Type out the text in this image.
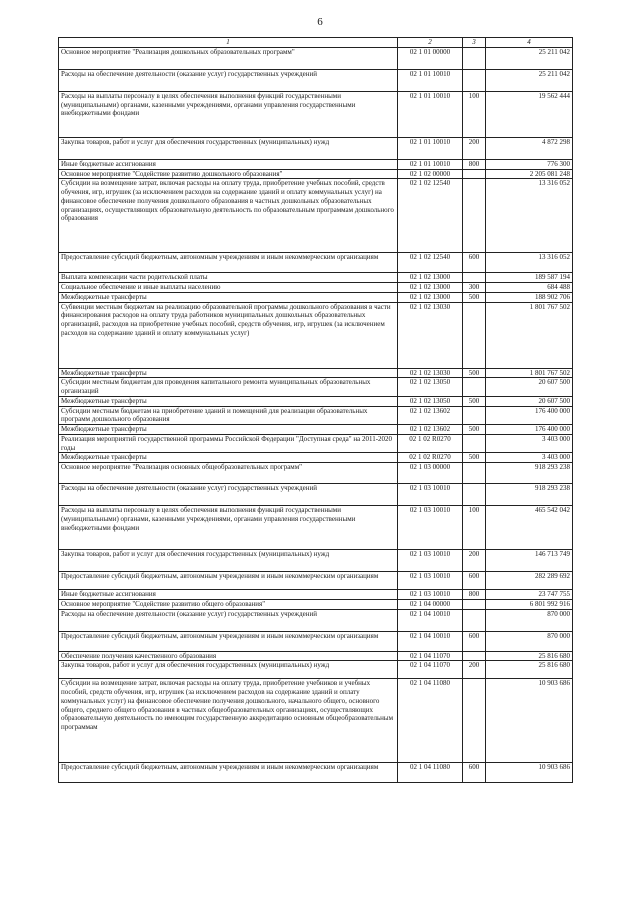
6
1	2	3	4
Основное мероприятие "Реализация дошкольных образовательных программ"	02 1 01 00000		25 211 042
Расходы на обеспечение деятельности (оказание услуг) государственных учреждений	02 1 01 10010		25 211 042
Расходы на выплаты персоналу в целях обеспечения выполнения функций государственными (муниципальными) органами, казенными учреждениями, органами управления государственными внебюджетными фондами	02 1 01 10010	100	19 562 444
Закупка товаров, работ и услуг для обеспечения государственных (муниципальных) нужд	02 1 01 10010	200	4 872 298
Иные бюджетные ассигнования	02 1 01 10010	800	776 300
Основное мероприятие "Содействие развитию дошкольного образования"	02 1 02 00000		2 205 081 248
Субсидии на возмещение затрат, включая расходы на оплату труда, приобретение учебных пособий, средств обучения, игр, игрушек (за исключением расходов на содержание зданий и оплату коммунальных услуг) на финансовое обеспечение получения дошкольного образования в частных дошкольных образовательных организациях, осуществляющих образовательную деятельность по образовательным программам дошкольного образования	02 1 02 12540		13 316 052
Предоставление субсидий бюджетным, автономным учреждениям и иным некоммерческим организациям	02 1 02 12540	600	13 316 052
Выплата компенсации части родительской платы	02 1 02 13000		189 587 194
Социальное обеспечение и иные выплаты населению	02 1 02 13000	300	684 488
Межбюджетные трансферты	02 1 02 13000	500	188 902 706
Субвенции местным бюджетам на реализацию образовательной программы дошкольного образования в части финансирования расходов на оплату труда работников муниципальных дошкольных образовательных организаций, расходов на приобретение учебных пособий, средств обучения, игр, игрушек (за исключением расходов на содержание зданий и оплату коммунальных услуг)	02 1 02 13030		1 801 767 502
Межбюджетные трансферты	02 1 02 13030	500	1 801 767 502
Субсидии местным бюджетам для проведения капитального ремонта муниципальных образовательных организаций	02 1 02 13050		20 607 500
Межбюджетные трансферты	02 1 02 13050	500	20 607 500
Субсидии местным бюджетам на приобретение зданий и помещений для реализации образовательных программ дошкольного образования	02 1 02 13602		176 400 000
Межбюджетные трансферты	02 1 02 13602	500	176 400 000
Реализация мероприятий государственной программы Российской Федерации "Доступная среда" на 2011-2020 годы	02 1 02 R0270		3 403 000
Межбюджетные трансферты	02 1 02 R0270	500	3 403 000
Основное мероприятие "Реализация основных общеобразовательных программ"	02 1 03 00000		918 293 238
Расходы на обеспечение деятельности (оказание услуг) государственных учреждений	02 1 03 10010		918 293 238
Расходы на выплаты персоналу в целях обеспечения выполнения функций государственными (муниципальными) органами, казенными учреждениями, органами управления государственными внебюджетными фондами	02 1 03 10010	100	465 542 042
Закупка товаров, работ и услуг для обеспечения государственных (муниципальных) нужд	02 1 03 10010	200	146 713 749
Предоставление субсидий бюджетным, автономным учреждениям и иным некоммерческим организациям	02 1 03 10010	600	282 289 692
Иные бюджетные ассигнования	02 1 03 10010	800	23 747 755
Основное мероприятие "Содействие развитию общего образования"	02 1 04 00000		6 801 992 916
Расходы на обеспечение деятельности (оказание услуг) государственных учреждений	02 1 04 10010		870 000
Предоставление субсидий бюджетным, автономным учреждениям и иным некоммерческим организациям	02 1 04 10010	600	870 000
Обеспечение получения качественного образования	02 1 04 11070		25 816 680
Закупка товаров, работ и услуг для обеспечения государственных (муниципальных) нужд	02 1 04 11070	200	25 816 680
Субсидии на возмещение затрат, включая расходы на оплату труда, приобретение учебников и учебных пособий, средств обучения, игр, игрушек (за исключением расходов на содержание зданий и оплату коммунальных услуг) на финансовое обеспечение получения дошкольного, начального общего, основного общего, среднего общего образования в частных общеобразовательных организациях, осуществляющих образовательную деятельность по имеющим государственную аккредитацию основным общеобразовательным программам	02 1 04 11080		10 903 686
Предоставление субсидий бюджетным, автономным учреждениям и иным некоммерческим организациям	02 1 04 11080	600	10 903 686
